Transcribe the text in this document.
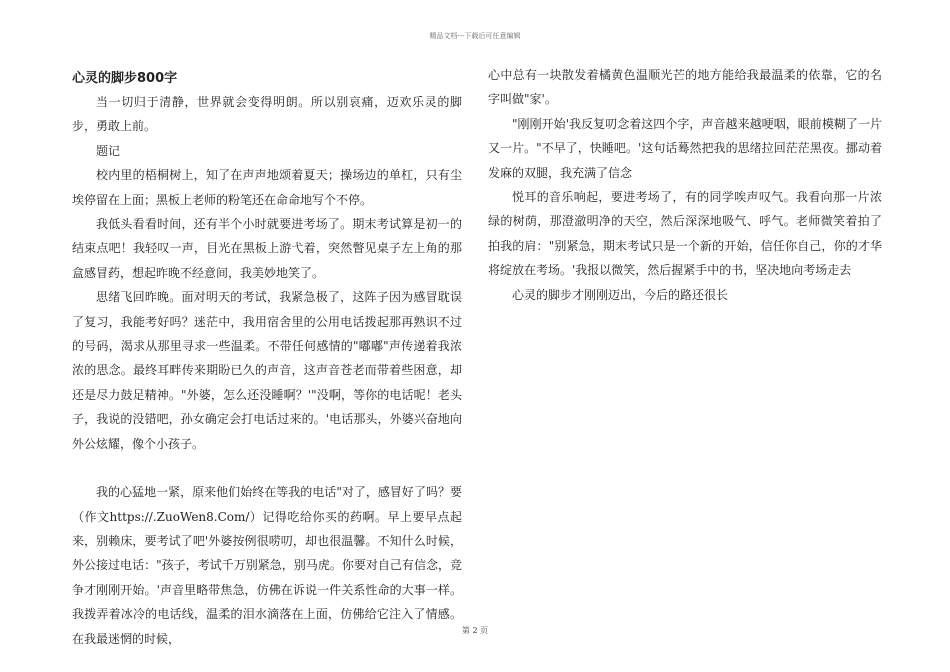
精品文档---下载后可任意编辑
心灵的脚步800字

当一切归于清静，世界就会变得明朗。所以别哀痛，迈欢乐灵的脚步，勇敢上前。

题记

校内里的梧桐树上，知了在声声地颂着夏天；操场边的单杠，只有尘埃停留在上面；黑板上老师的粉笔还在命命地写个不停。

我低头看看时间，还有半个小时就要进考场了。期末考试算是初一的结束点吧！我轻叹一声，目光在黑板上游弋着，突然瞥见桌子左上角的那盒感冒药，想起昨晚不经意间，我美妙地笑了。

思绪飞回昨晚。面对明天的考试，我紧急极了，这阵子因为感冒耽误了复习，我能考好吗？迷茫中，我用宿舍里的公用电话拨起那再熟识不过的号码，渴求从那里寻求一些温柔。不带任何感情的"嘟嘟"声传递着我浓浓的思念。最终耳畔传来期盼已久的声音，这声音苍老而带着些困意，却还是尽力鼓足精神。"外婆，怎么还没睡啊？'"没啊，等你的电话呢！老头子，我说的没错吧，孙女确定会打电话过来的。'电话那头，外婆兴奋地向外公炫耀，像个小孩子。

我的心猛地一紧，原来他们始终在等我的电话"对了，感冒好了吗？要（作文https://.ZuoWen8.Com/）记得吃给你买的药啊。早上要早点起来，别赖床，要考试了吧'外婆按例很唠叨，却也很温馨。不知什么时候，外公接过电话："孩子，考试千万别紧急，别马虎。你要对自己有信念，竞争才刚刚开始。'声音里略带焦急，仿佛在诉说一件关系性命的大事一样。我拨弄着冰冷的电话线，温柔的泪水滴落在上面，仿佛给它注入了情感。在我最迷惘的时候，

心中总有一块散发着橘黄色温顺光芒的地方能给我最温柔的依靠，它的名字叫做"家'。

"刚刚开始'我反复叨念着这四个字，声音越来越哽咽，眼前模糊了一片又一片。"不早了，快睡吧。'这句话蓦然把我的思绪拉回茫茫黑夜。挪动着发麻的双腿，我充满了信念

悦耳的音乐响起，要进考场了，有的同学唉声叹气。我看向那一片浓绿的树荫，那澄澈明净的天空，然后深深地吸气、呼气。老师微笑着拍了拍我的肩："别紧急，期末考试只是一个新的开始，信任你自己，你的才华将绽放在考场。'我报以微笑，然后握紧手中的书，坚决地向考场走去

心灵的脚步才刚刚迈出，今后的路还很长

第 2 页
